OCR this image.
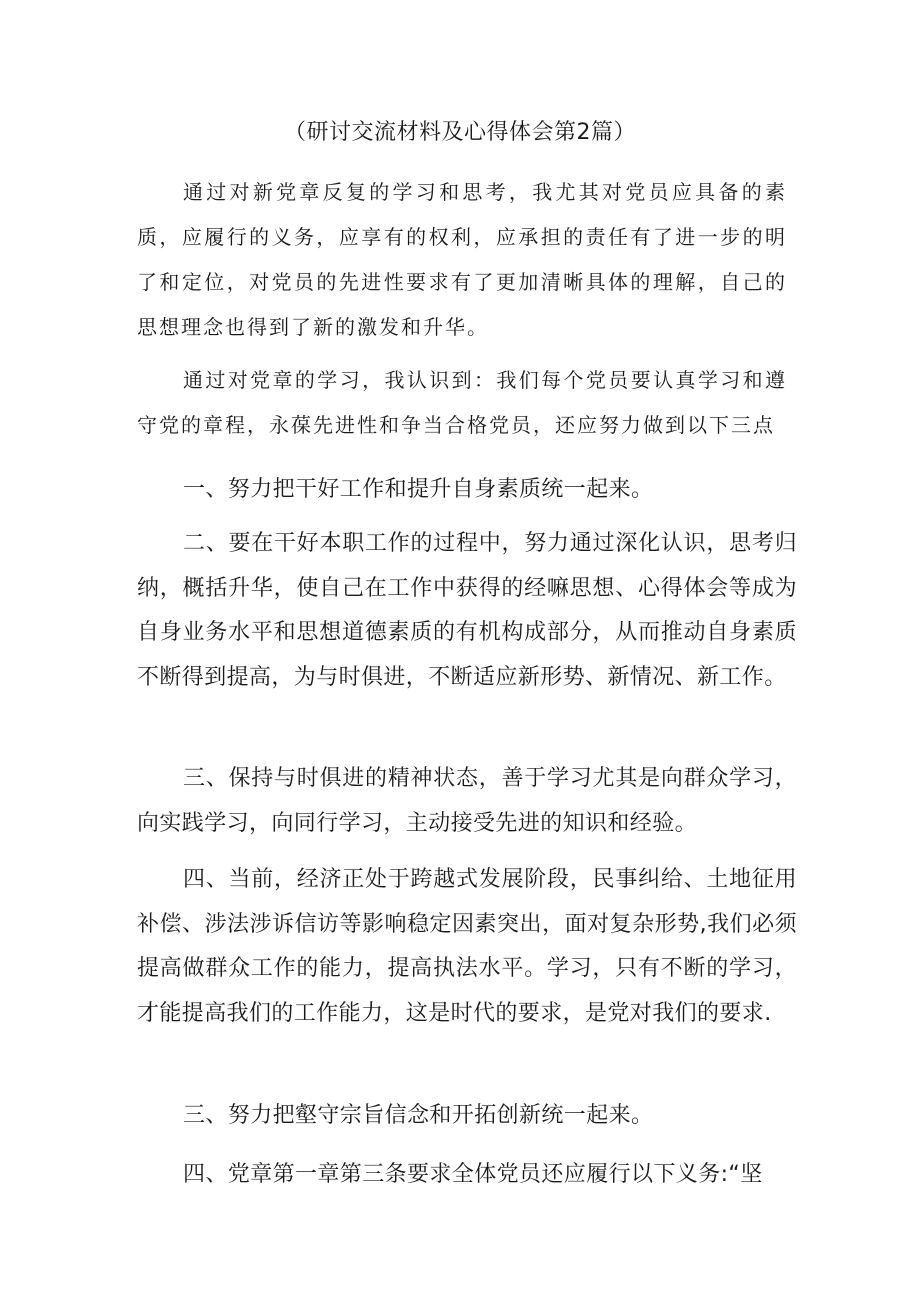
（研讨交流材料及心得体会第2篇）

通过对新党章反复的学习和思考，我尤其对党员应具备的素质，应履行的义务，应享有的权利，应承担的责任有了进一步的明了和定位，对党员的先进性要求有了更加清晰具体的理解，自己的思想理念也得到了新的激发和升华。

通过对党章的学习，我认识到：我们每个党员要认真学习和遵守党的章程，永葆先进性和争当合格党员，还应努力做到以下三点

一、努力把干好工作和提升自身素质统一起来。

二、要在干好本职工作的过程中，努力通过深化认识，思考归纳，概括升华，使自己在工作中获得的经嘛思想、心得体会等成为自身业务水平和思想道德素质的有机构成部分，从而推动自身素质不断得到提高，为与时俱进，不断适应新形势、新情况、新工作。

三、保持与时俱进的精神状态，善于学习尤其是向群众学习，向实践学习，向同行学习，主动接受先进的知识和经验。

四、当前，经济正处于跨越式发展阶段，民事纠给、土地征用补偿、涉法涉诉信访等影响稳定因素突出，面对复杂形势,我们必须提高做群众工作的能力，提高执法水平。学习，只有不断的学习，才能提高我们的工作能力，这是时代的要求，是党对我们的要求.

三、努力把壑守宗旨信念和开拓创新统一起来。

四、党章第一章第三条要求全体党员还应履行以下义务:“坚
